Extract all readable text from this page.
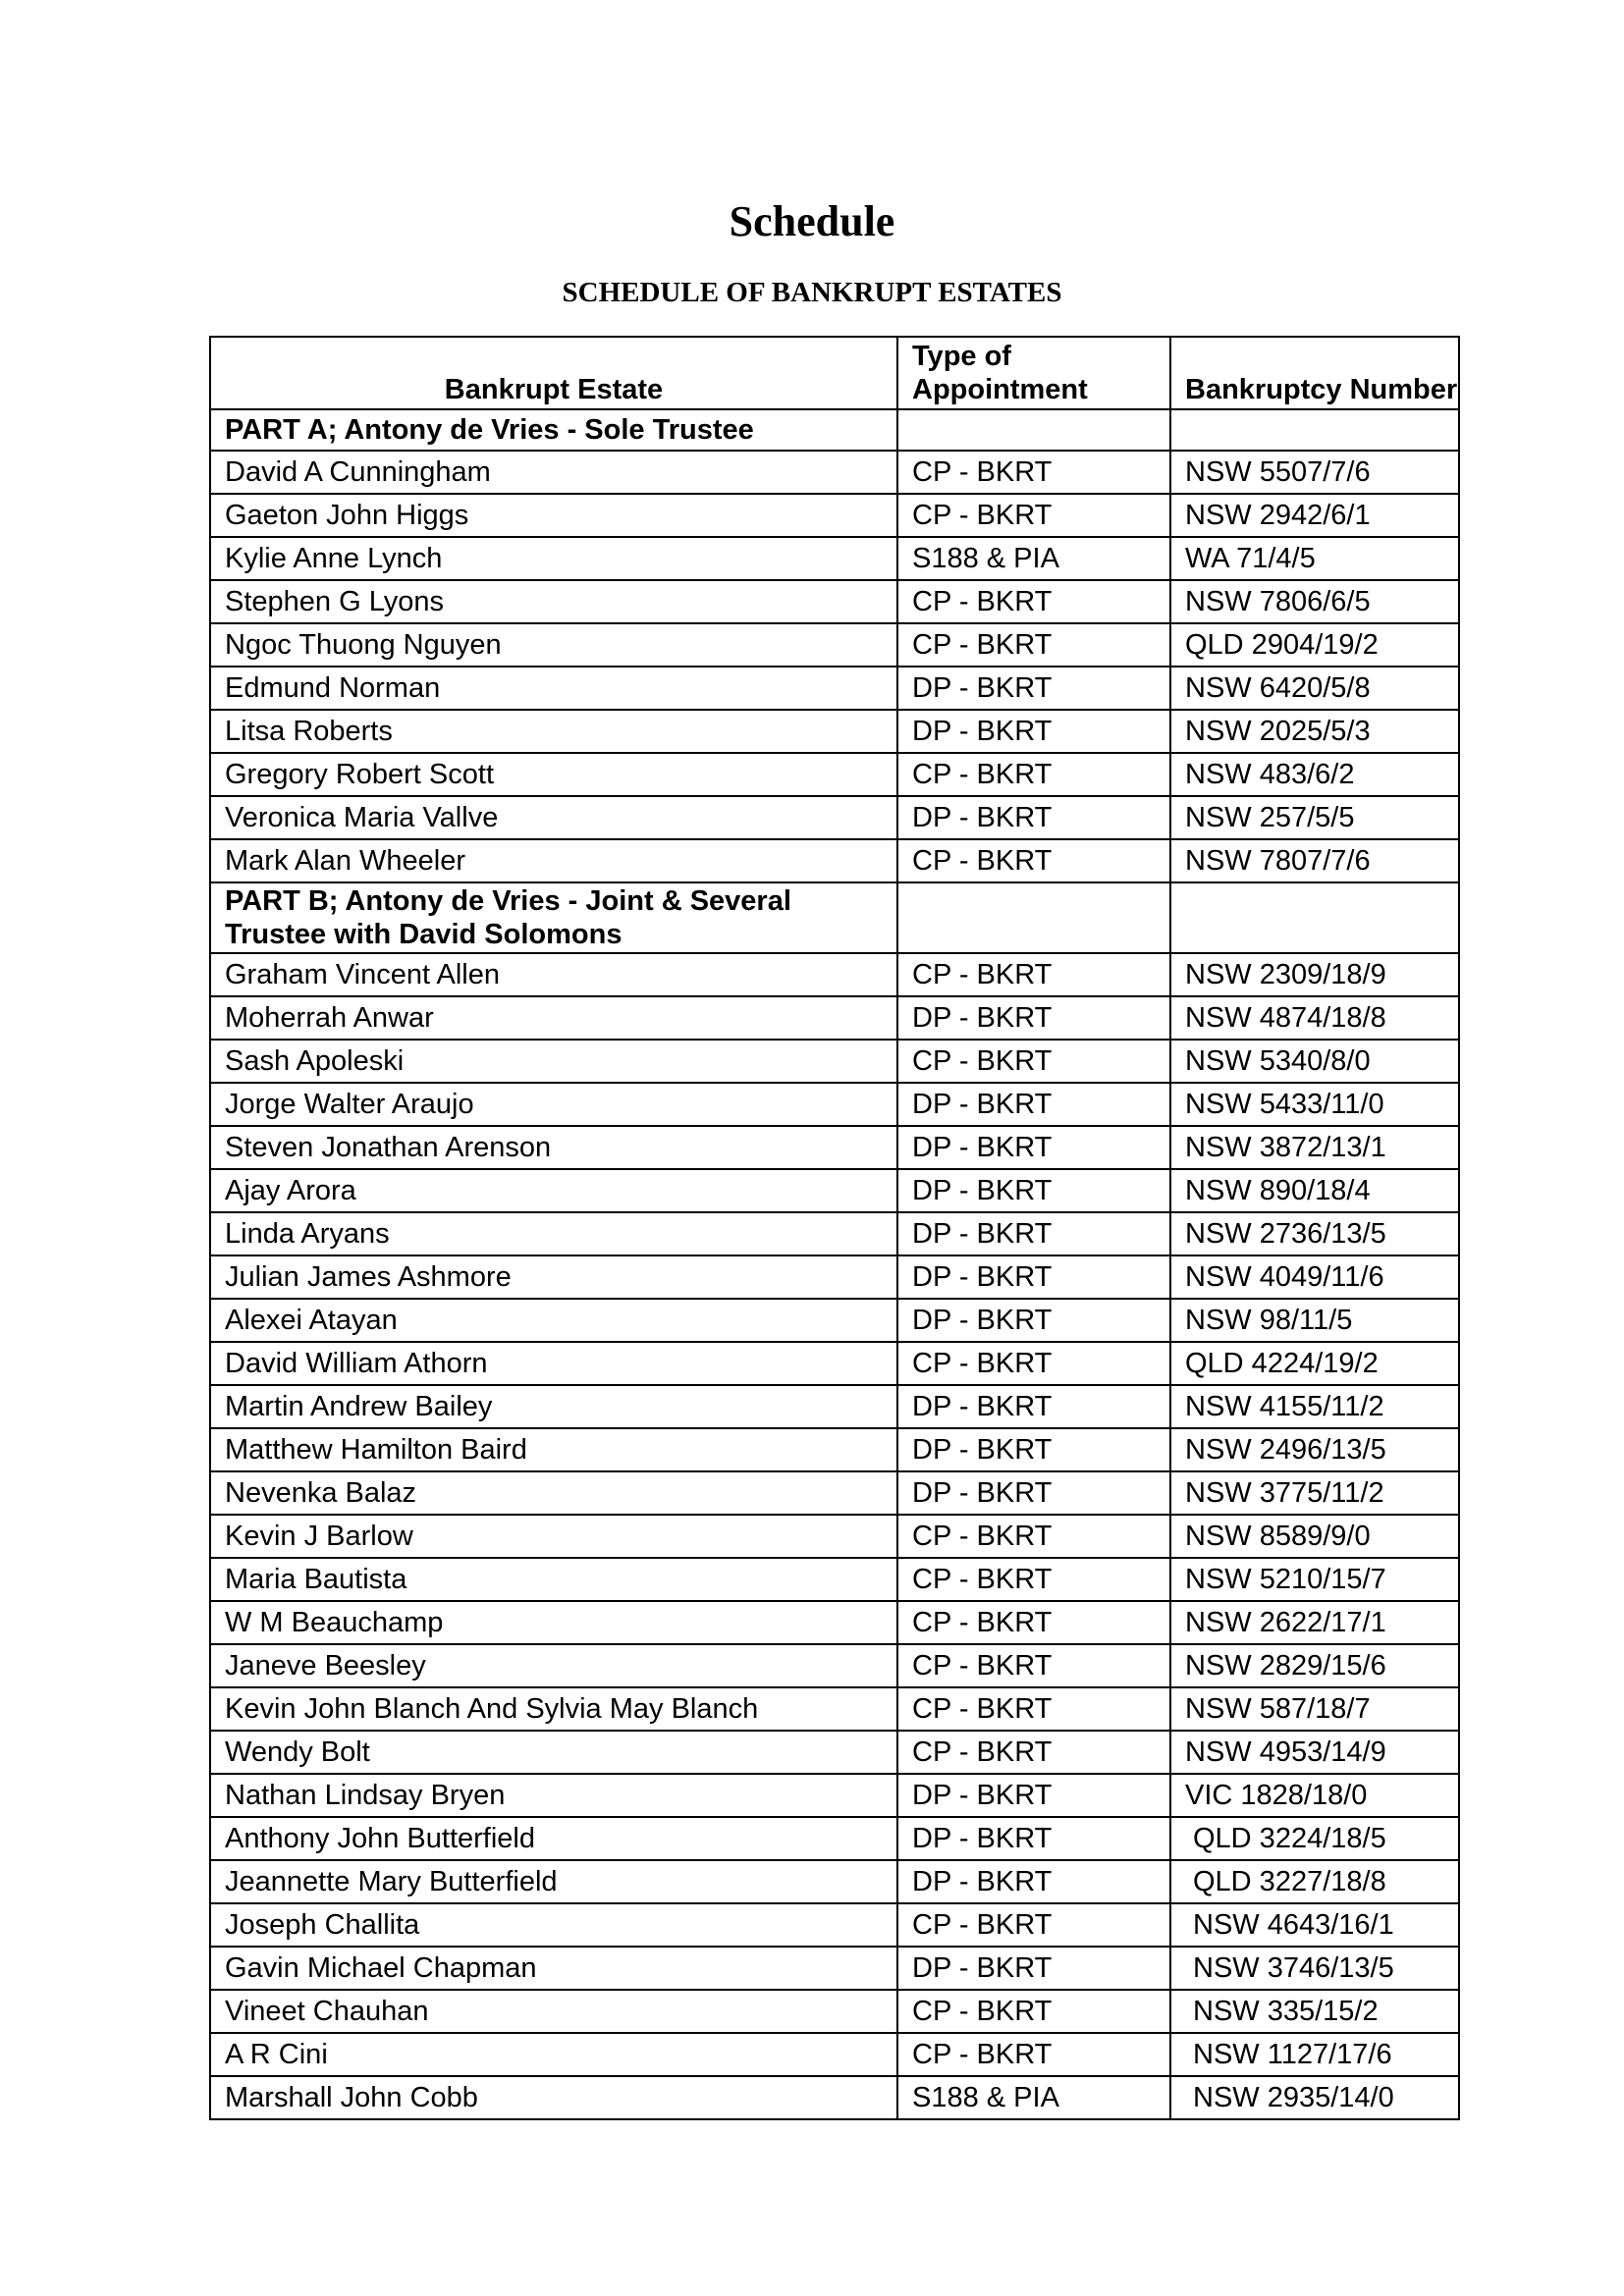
Schedule
SCHEDULE OF BANKRUPT ESTATES
Bankrupt Estate	Type of Appointment	Bankruptcy Number
PART A; Antony de Vries - Sole Trustee		
David A Cunningham	CP - BKRT	NSW 5507/7/6
Gaeton John Higgs	CP - BKRT	NSW 2942/6/1
Kylie Anne Lynch	S188 & PIA	WA 71/4/5
Stephen G Lyons	CP - BKRT	NSW 7806/6/5
Ngoc Thuong Nguyen	CP - BKRT	QLD 2904/19/2
Edmund Norman	DP - BKRT	NSW 6420/5/8
Litsa Roberts	DP - BKRT	NSW 2025/5/3
Gregory Robert Scott	CP - BKRT	NSW 483/6/2
Veronica Maria Vallve	DP - BKRT	NSW 257/5/5
Mark Alan Wheeler	CP - BKRT	NSW 7807/7/6
PART B; Antony de Vries - Joint & Several Trustee with David Solomons		
Graham Vincent Allen	CP - BKRT	NSW 2309/18/9
Moherrah Anwar	DP - BKRT	NSW 4874/18/8
Sash Apoleski	CP - BKRT	NSW 5340/8/0
Jorge Walter Araujo	DP - BKRT	NSW 5433/11/0
Steven Jonathan Arenson	DP - BKRT	NSW 3872/13/1
Ajay Arora	DP - BKRT	NSW 890/18/4
Linda Aryans	DP - BKRT	NSW 2736/13/5
Julian James Ashmore	DP - BKRT	NSW 4049/11/6
Alexei Atayan	DP - BKRT	NSW 98/11/5
David William Athorn	CP - BKRT	QLD 4224/19/2
Martin Andrew Bailey	DP - BKRT	NSW 4155/11/2
Matthew Hamilton Baird	DP - BKRT	NSW 2496/13/5
Nevenka Balaz	DP - BKRT	NSW 3775/11/2
Kevin J Barlow	CP - BKRT	NSW 8589/9/0
Maria Bautista	CP - BKRT	NSW 5210/15/7
W M Beauchamp	CP - BKRT	NSW 2622/17/1
Janeve Beesley	CP - BKRT	NSW 2829/15/6
Kevin John Blanch And Sylvia May Blanch	CP - BKRT	NSW 587/18/7
Wendy Bolt	CP - BKRT	NSW 4953/14/9
Nathan Lindsay Bryen	DP - BKRT	VIC 1828/18/0
Anthony John Butterfield	DP - BKRT	QLD 3224/18/5
Jeannette Mary Butterfield	DP - BKRT	QLD 3227/18/8
Joseph Challita	CP - BKRT	NSW 4643/16/1
Gavin Michael Chapman	DP - BKRT	NSW 3746/13/5
Vineet Chauhan	CP - BKRT	NSW 335/15/2
A R Cini	CP - BKRT	NSW 1127/17/6
Marshall John Cobb	S188 & PIA	NSW 2935/14/0
